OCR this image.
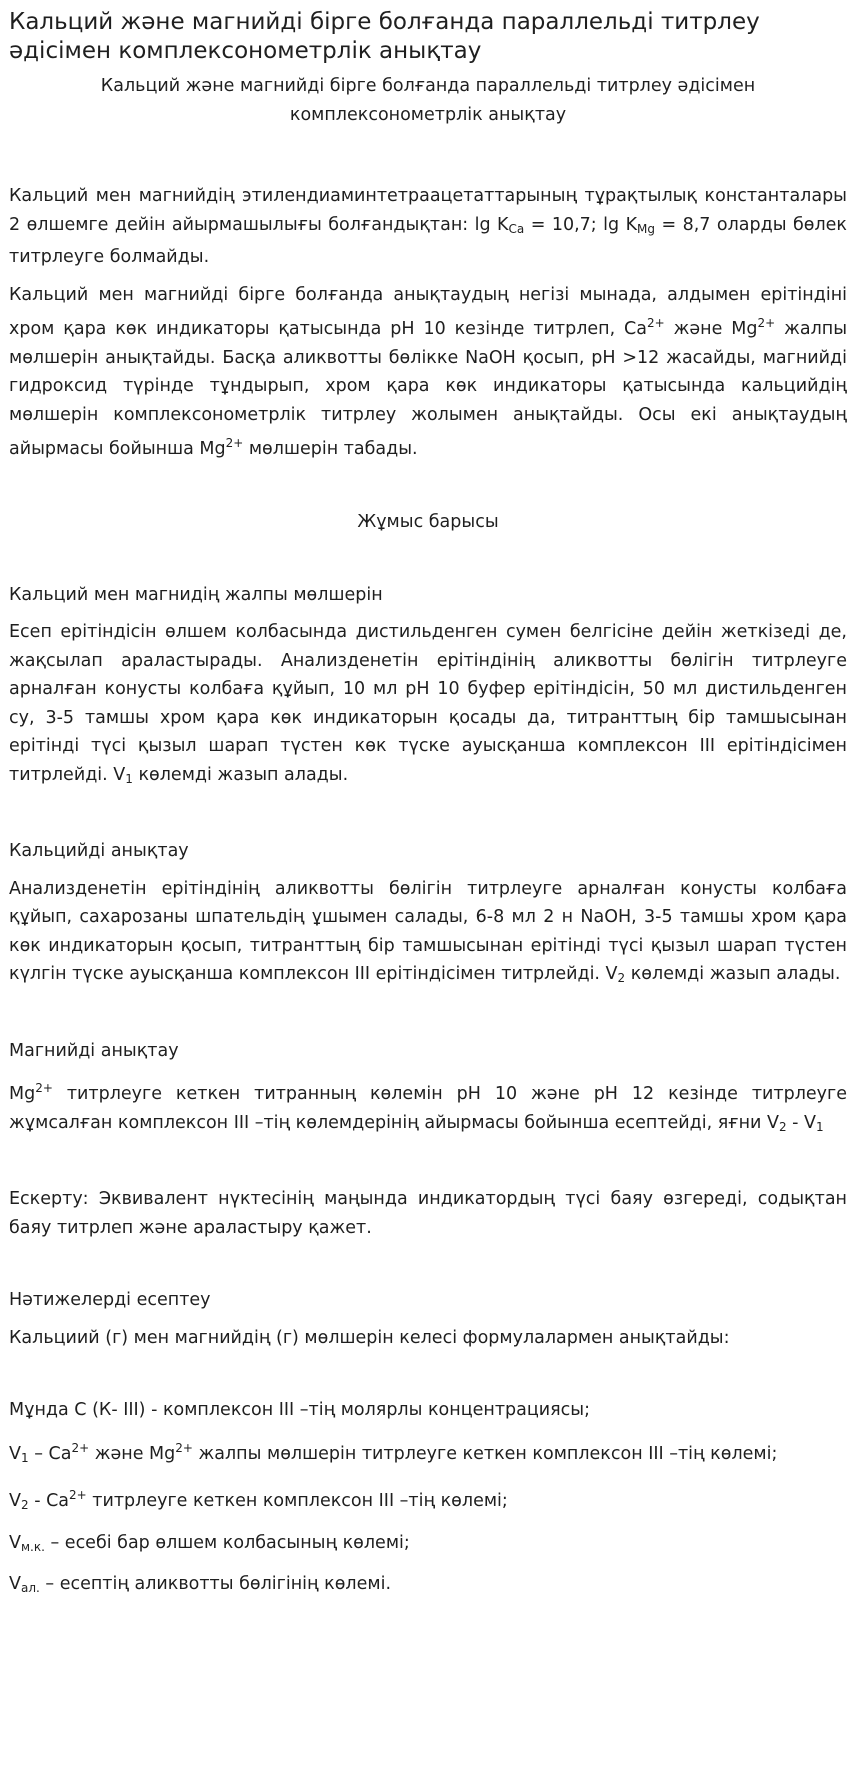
Кальций және магнийді бірге болғанда параллельді титрлеу әдісімен комплексонометрлік анықтау

Кальций және магнийді бірге болғанда параллельді титрлеу әдісімен комплексонометрлік анықтау

Кальций мен магнийдің этилендиаминтетраацетаттарының тұрақтылық константалары 2 өлшемге дейін айырмашылығы болғандықтан: $\lg K_{Ca} = 10,7$; $\lg K_{Mg} = 8,7$ оларды бөлек титрлеуге болмайды.

Кальций мен магнийді бірге болғанда анықтаудың негізі мынада, алдымен ерітіндіні хром қара көк индикаторы қатысында рН 10 кезінде титрлеп, $Ca^{2+}$ және $Mg^{2+}$ жалпы мөлшерін анықтайды. Басқа аликвотты бөлікке NaOH қосып, рН >12 жасайды, магнийді гидроксид түрінде тұндырып, хром қара көк индикаторы қатысында кальцийдің мөлшерін комплексонометрлік титрлеу жолымен анықтайды. Осы екі анықтаудың айырмасы бойынша $Mg^{2+}$ мөлшерін табады.

Жұмыс барысы

Кальций мен магнидің жалпы мөлшерін

Есеп ерітіндісін өлшем колбасында дистильденген сумен белгісіне дейін жеткізеді де, жақсылап араластырады. Анализденетін ерітіндінің аликвотты бөлігін титрлеуге арналған конусты колбаға құйып, 10 мл рН 10 буфер ерітіндісін, 50 мл дистильденген су, 3-5 тамшы хром қара көк индикаторын қосады да, титранттың бір тамшысынан ерітінді түсі қызыл шарап түстен көк түске ауысқанша комплексон III ерітіндісімен титрлейді. $V_1$ көлемді жазып алады.

Кальцийді анықтау

Анализденетін ерітіндінің аликвотты бөлігін титрлеуге арналған конусты колбаға құйып, сахарозаны шпательдің ұшымен салады, 6-8 мл 2 н NaOH, 3-5 тамшы хром қара көк индикаторын қосып, титранттың бір тамшысынан ерітінді түсі қызыл шарап түстен күлгін түске ауысқанша комплексон III ерітіндісімен титрлейді. $V_2$ көлемді жазып алады.

Магнийді анықтау

$Mg^{2+}$ титрлеуге кеткен титранның көлемін рН 10 және рН 12 кезінде титрлеуге жұмсалған комплексон III –тің көлемдерінің айырмасы бойынша есептейді, яғни $V_2 - V_1$

Ескерту: Эквивалент нүктесінің маңында индикатордың түсі баяу өзгереді, содықтан баяу титрлеп және араластыру қажет.

Нәтижелерді есептеу

Кальциий (г) мен магнийдің (г) мөлшерін келесі формулалармен анықтайды:

Мұнда С (К- III) - комплексон III –тің молярлы концентрациясы;

$V_1 - Ca^{2+}$ және $Mg^{2+}$ жалпы мөлшерін титрлеуге кеткен комплексон III –тің көлемі;

$V_2 - Ca^{2+}$ титрлеуге кеткен комплексон III –тің көлемі;

$V_{м.к.}$ – есебі бар өлшем колбасының көлемі;

$V_{ал.}$ – есептің аликвотты бөлігінің көлемі.
